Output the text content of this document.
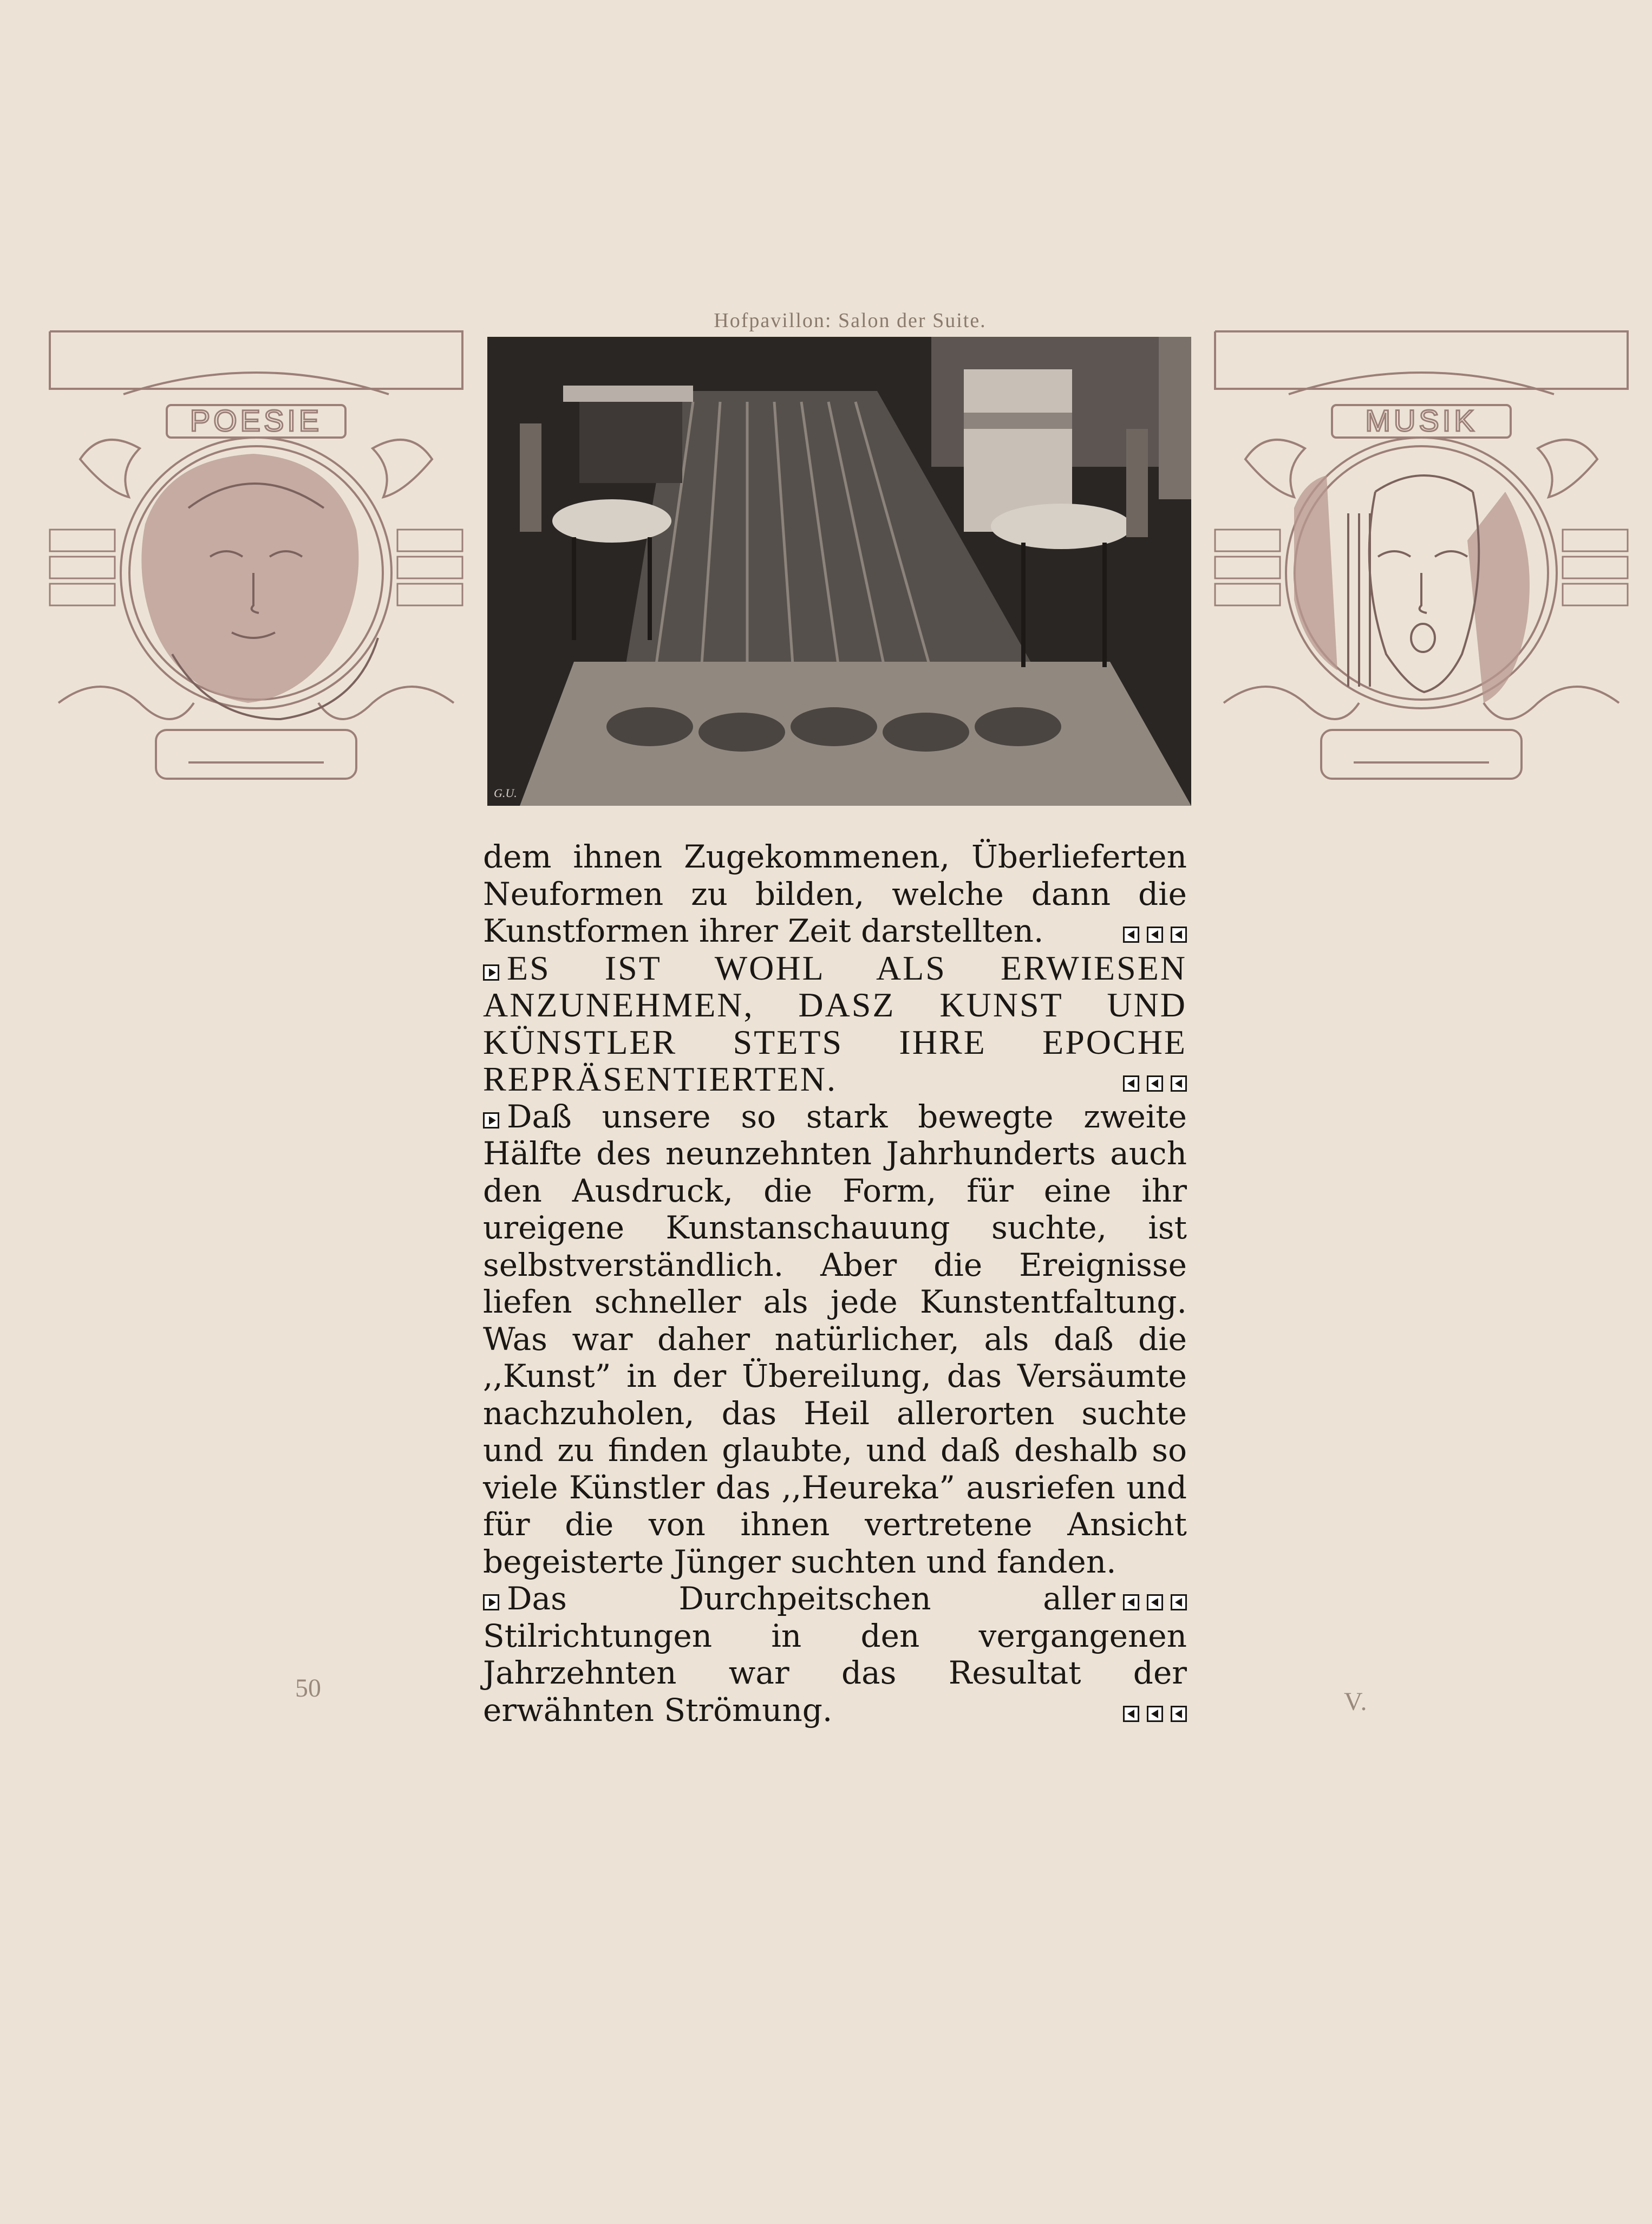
Hofpavillon: Salon der Suite.
POESIE
G.U.
MUSIK

dem ihnen Zugekommenen, Überlieferten Neuformen zu bilden, welche dann die Kunstformen ihrer Zeit darstellten.

ES IST WOHL ALS ERWIESEN ANZUNEHMEN, DASZ KUNST UND KÜNSTLER STETS IHRE EPOCHE REPRÄSENTIERTEN.

Daß unsere so stark bewegte zweite Hälfte des neunzehnten Jahrhunderts auch den Ausdruck, die Form, für eine ihr ureigene Kunstanschauung suchte, ist selbstverständlich. Aber die Ereignisse liefen schneller als jede Kunstentfaltung. Was war daher natürlicher, als daß die ,,Kunst” in der Übereilung, das Versäumte nachzuholen, das Heil allerorten suchte und zu finden glaubte, und daß deshalb so viele Künstler das ,,Heureka” ausriefen und für die von ihnen vertretene Ansicht begeisterte Jünger suchten und fanden.

Das Durchpeitschen aller Stilrichtungen in den vergangenen Jahrzehnten war das Resultat der erwähnten Strömung.

50	V.
